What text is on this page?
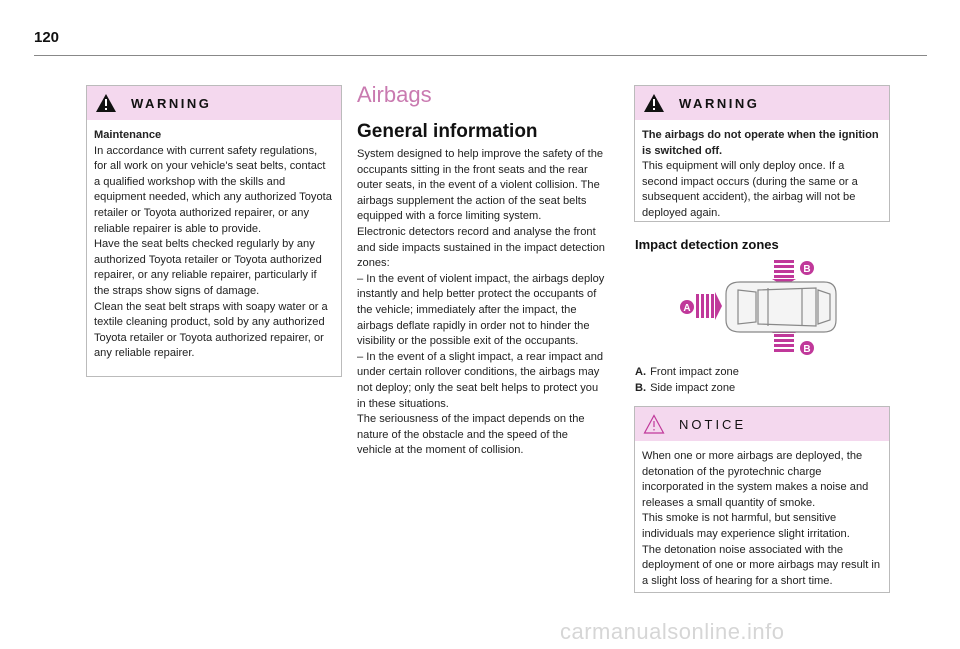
120
WARNING

Maintenance

In accordance with current safety regulations, for all work on your vehicle's seat belts, contact a qualified workshop with the skills and equipment needed, which any authorized Toyota retailer or Toyota authorized repairer, or any reliable repairer is able to provide.

Have the seat belts checked regularly by any authorized Toyota retailer or Toyota authorized repairer, or any reliable repairer, particularly if the straps show signs of damage.

Clean the seat belt straps with soapy water or a textile cleaning product, sold by any authorized Toyota retailer or Toyota authorized repairer, or any reliable repairer.

Airbags
General information

System designed to help improve the safety of the occupants sitting in the front seats and the rear outer seats, in the event of a violent collision. The airbags supplement the action of the seat belts equipped with a force limiting system.

Electronic detectors record and analyse the front and side impacts sustained in the impact detection zones:

– In the event of violent impact, the airbags deploy instantly and help better protect the occupants of the vehicle; immediately after the impact, the airbags deflate rapidly in order not to hinder the visibility or the possible exit of the occupants.

– In the event of a slight impact, a rear impact and under certain rollover conditions, the airbags may not deploy; only the seat belt helps to protect you in these situations.

The seriousness of the impact depends on the nature of the obstacle and the speed of the vehicle at the moment of collision.

WARNING

The airbags do not operate when the ignition is switched off.

This equipment will only deploy once. If a second impact occurs (during the same or a subsequent accident), the airbag will not be deployed again.

Impact detection zones
B
B
A
A. Front impact zone
B. Side impact zone
NOTICE

When one or more airbags are deployed, the detonation of the pyrotechnic charge incorporated in the system makes a noise and releases a small quantity of smoke.

This smoke is not harmful, but sensitive individuals may experience slight irritation.

The detonation noise associated with the deployment of one or more airbags may result in a slight loss of hearing for a short time.

carmanualsonline.info
